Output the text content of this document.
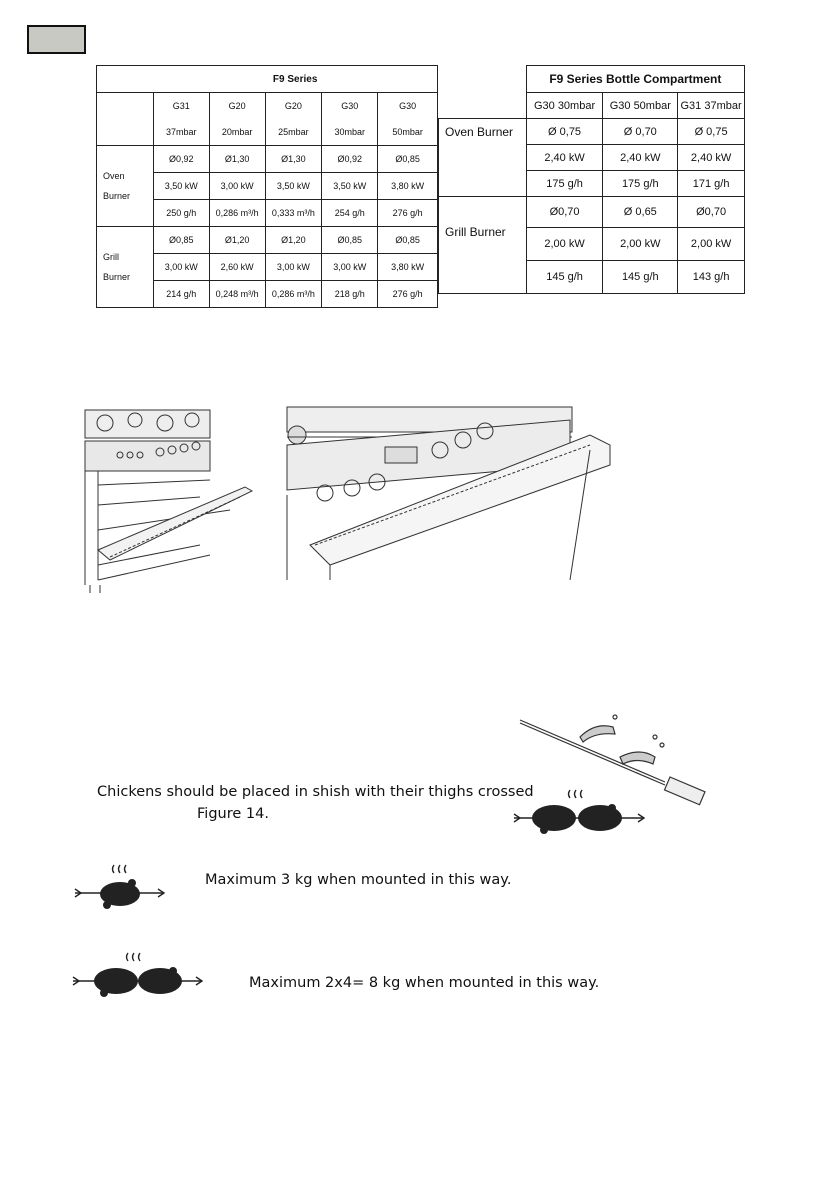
	F9 Series				
	G31	G20	G20	G30	G30
	37mbar	20mbar	25mbar	30mbar	50mbar
Oven
Burner	Ø0,92	Ø1,30	Ø1,30	Ø0,92	Ø0,85
	3,50 kW	3,00 kW	3,50 kW	3,50 kW	3,80 kW
	250 g/h	0,286 m³/h	0,333 m³/h	254 g/h	276 g/h
Grill
Burner	Ø0,85	Ø1,20	Ø1,20	Ø0,85	Ø0,85
	3,00 kW	2,60 kW	3,00 kW	3,00 kW	3,80 kW
	214 g/h	0,248 m³/h	0,286 m³/h	218 g/h	276 g/h
	F9 Series Bottle Compartment		
	G30 30mbar	G30 50mbar	G31 37mbar
Oven Burner	Ø 0,75	Ø 0,70	Ø 0,75
	2,40 kW	2,40 kW	2,40 kW
	175 g/h	175 g/h	171 g/h
Grill Burner	Ø0,70	Ø 0,65	Ø0,70
	2,00 kW	2,00 kW	2,00 kW
	145 g/h	145 g/h	143 g/h
Chickens should be placed in shish with their thighs crossed
Figure 14.
Maximum 3 kg when mounted in this way.
Maximum 2x4= 8 kg when mounted in this way.
